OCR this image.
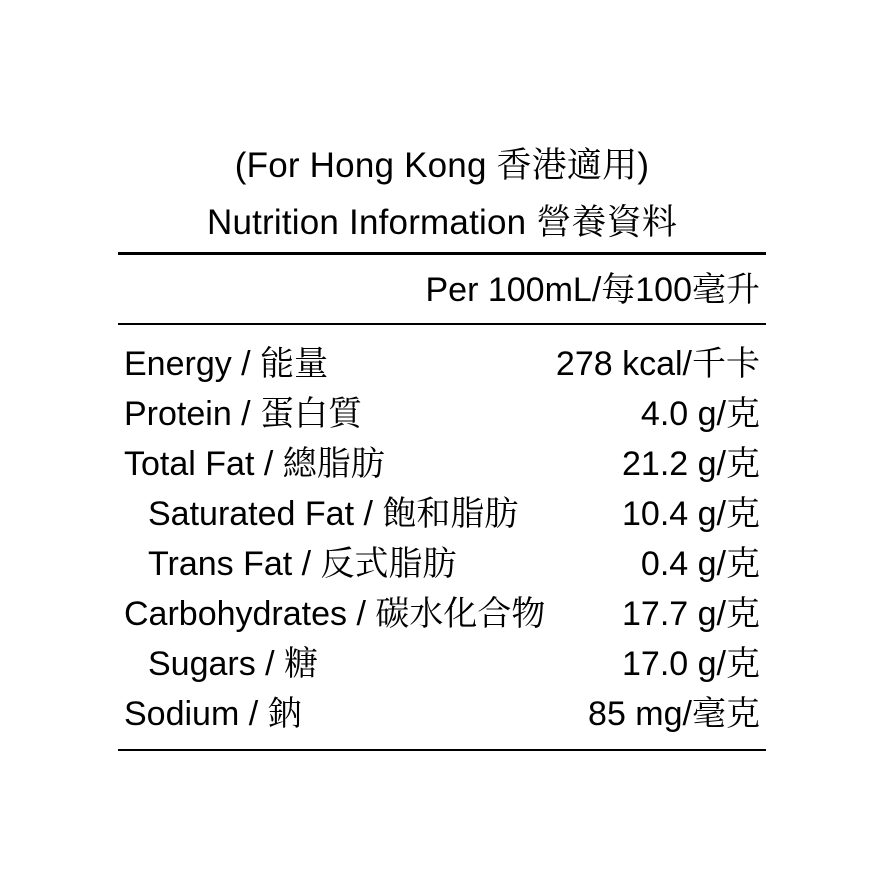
(For Hong Kong 香港適用)
Nutrition Information 營養資料
Per 100mL/每100毫升
Energy / 能量	278 kcal/千卡
Protein / 蛋白質	4.0 g/克
Total Fat / 總脂肪	21.2 g/克
Saturated Fat / 飽和脂肪	10.4 g/克
Trans Fat / 反式脂肪	0.4 g/克
Carbohydrates / 碳水化合物 17.7 g/克
Sugars / 糖	17.0 g/克
Sodium / 鈉	85 mg/毫克
